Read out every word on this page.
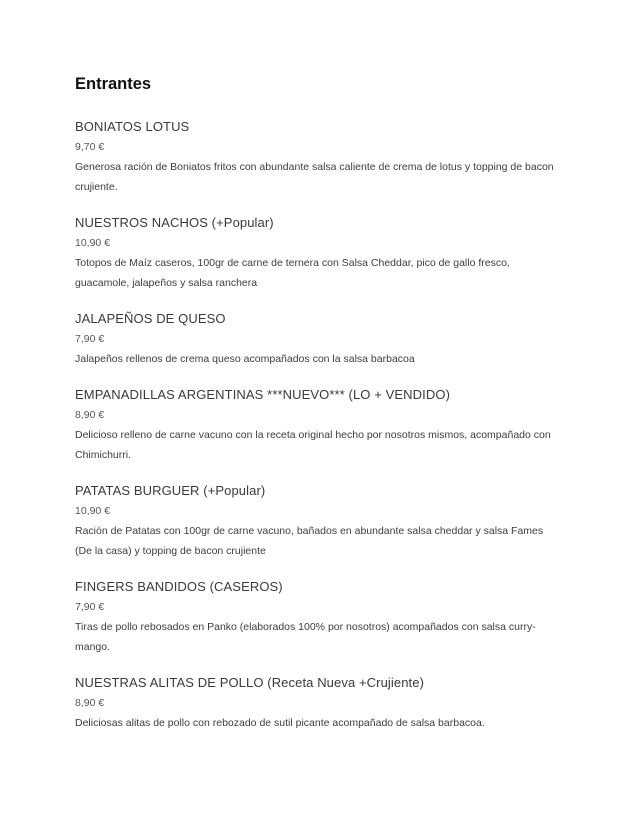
Entrantes
BONIATOS LOTUS
9,70 €
Generosa ración de Boniatos fritos con abundante salsa caliente de crema de lotus y topping de bacon crujiente.
NUESTROS NACHOS (+Popular)
10,90 €
Totopos de Maíz caseros, 100gr de carne de ternera con Salsa Cheddar, pico de gallo fresco, guacamole, jalapeños y salsa ranchera
JALAPEÑOS DE QUESO
7,90 €
Jalapeños rellenos de crema queso acompañados con la salsa barbacoa
EMPANADILLAS ARGENTINAS ***NUEVO*** (LO + VENDIDO)
8,90 €
Delicioso relleno de carne vacuno con la receta original hecho por nosotros mismos, acompañado con Chimichurri.
PATATAS BURGUER (+Popular)
10,90 €
Ración de Patatas con 100gr de carne vacuno, bañados en abundante salsa cheddar y salsa Fames (De la casa) y topping de bacon crujiente
FINGERS BANDIDOS (CASEROS)
7,90 €
Tiras de pollo rebosados en Panko (elaborados 100% por nosotros) acompañados con salsa curry-mango.
NUESTRAS ALITAS DE POLLO (Receta Nueva +Crujiente)
8,90 €
Deliciosas alitas de pollo con rebozado de sutil picante acompañado de salsa barbacoa.
